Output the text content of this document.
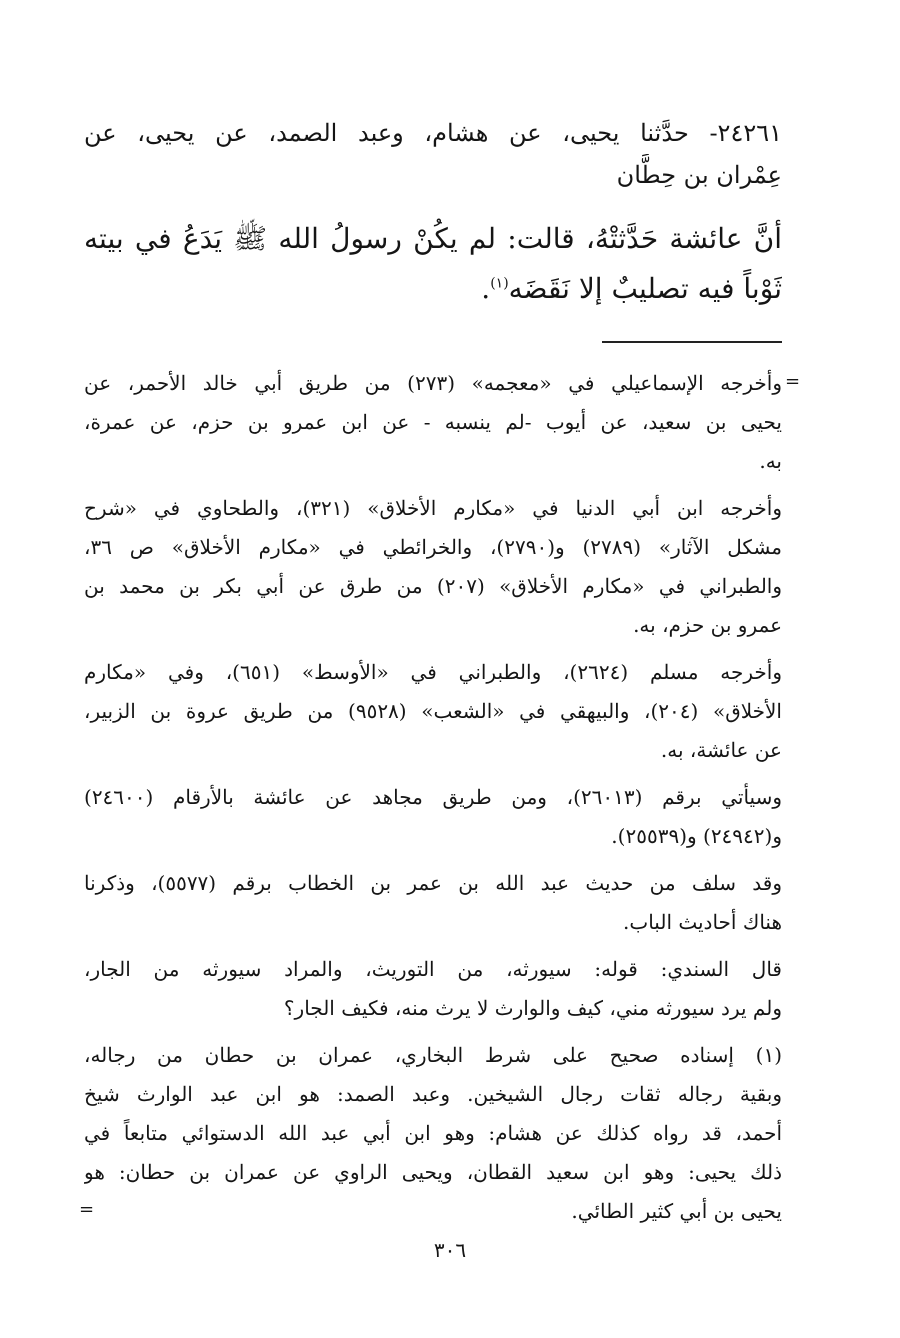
٢٤٢٦١- حدَّثنا يحيى، عن هشام، وعبد الصمد، عن يحيى، عن
عِمْران بن حِطَّان
أنَّ عائشة حَدَّثتْهُ، قالت: لم يكُنْ رسولُ الله ﷺ يَدَعُ في بيته
ثَوْباً فيه تصليبٌ إلا نَقَضَه$^{(١)}$.
=
=
وأخرجه الإسماعيلي في «معجمه» (٢٧٣) من طريق أبي خالد الأحمر، عن
يحيى بن سعيد، عن أيوب -لم ينسبه - عن ابن عمرو بن حزم، عن عمرة،
به.
وأخرجه ابن أبي الدنيا في «مكارم الأخلاق» (٣٢١)، والطحاوي في «شرح
مشكل الآثار» (٢٧٨٩) و(٢٧٩٠)، والخرائطي في «مكارم الأخلاق» ص ٣٦،
والطبراني في «مكارم الأخلاق» (٢٠٧) من طرق عن أبي بكر بن محمد بن
عمرو بن حزم، به.
وأخرجه مسلم (٢٦٢٤)، والطبراني في «الأوسط» (٦٥١)، وفي «مكارم
الأخلاق» (٢٠٤)، والبيهقي في «الشعب» (٩٥٢٨) من طريق عروة بن الزبير،
عن عائشة، به.
وسيأتي برقم (٢٦٠١٣)، ومن طريق مجاهد عن عائشة بالأرقام (٢٤٦٠٠)
و(٢٤٩٤٢) و(٢٥٥٣٩).
وقد سلف من حديث عبد الله بن عمر بن الخطاب برقم (٥٥٧٧)، وذكرنا
هناك أحاديث الباب.
قال السندي: قوله: سيورثه، من التوريث، والمراد سيورثه من الجار،
ولم يرد سيورثه مني، كيف والوارث لا يرث منه، فكيف الجار؟
(١) إسناده صحيح على شرط البخاري، عمران بن حطان من رجاله،
وبقية رجاله ثقات رجال الشيخين. وعبد الصمد: هو ابن عبد الوارث شيخ
أحمد، قد رواه كذلك عن هشام: وهو ابن أبي عبد الله الدستوائي متابعاً في
ذلك يحيى: وهو ابن سعيد القطان، ويحيى الراوي عن عمران بن حطان: هو
يحيى بن أبي كثير الطائي.
٣٠٦
